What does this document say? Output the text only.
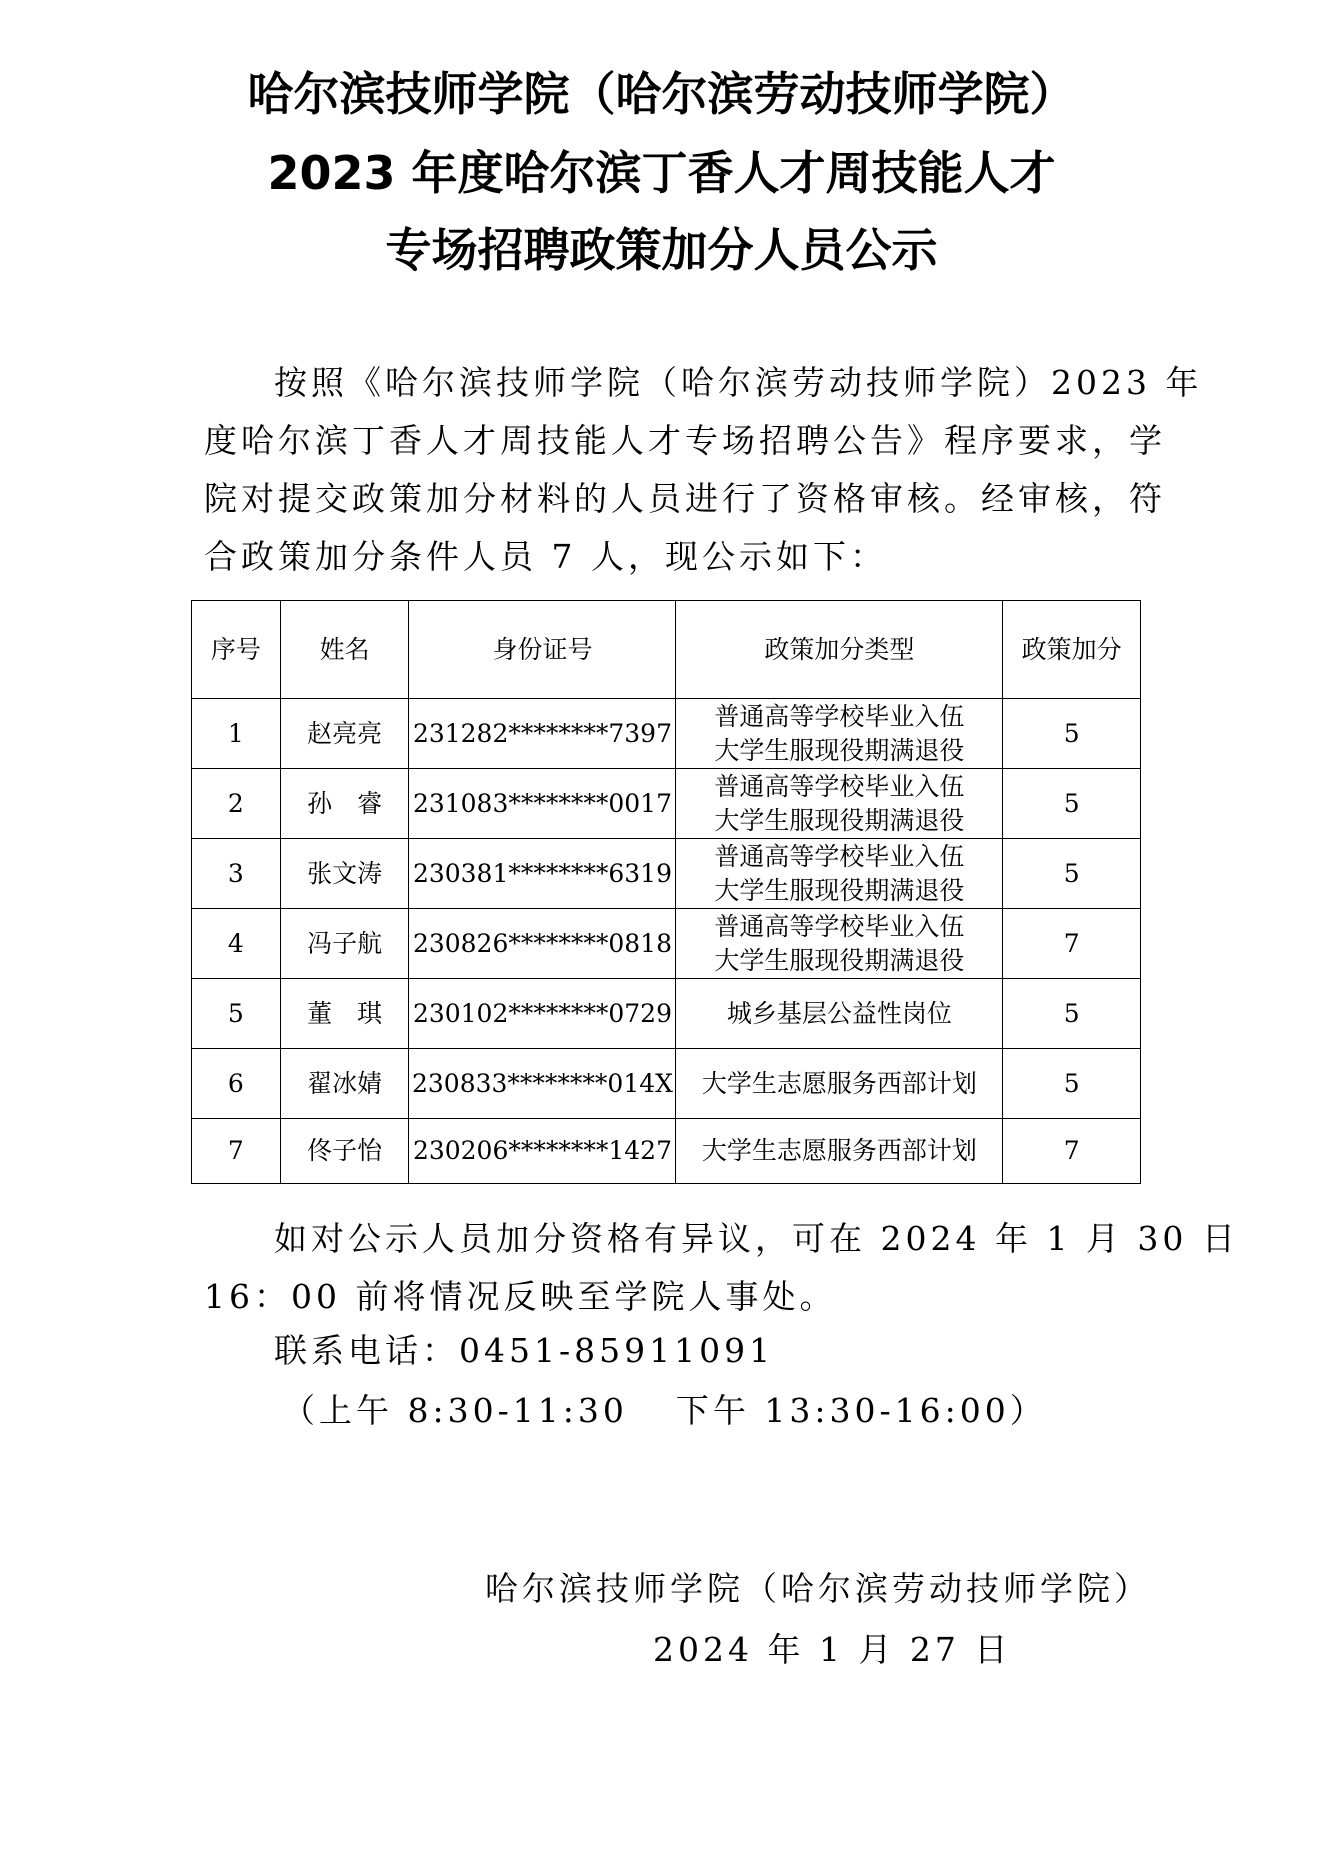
哈尔滨技师学院（哈尔滨劳动技师学院）
2023 年度哈尔滨丁香人才周技能人才
专场招聘政策加分人员公示
按照《哈尔滨技师学院（哈尔滨劳动技师学院）2023 年
度哈尔滨丁香人才周技能人才专场招聘公告》程序要求，学
院对提交政策加分材料的人员进行了资格审核。经审核，符
合政策加分条件人员 7 人，现公示如下：
序号	姓名	身份证号	政策加分类型	政策加分
1	赵亮亮	231282********7397	普通高等学校毕业入伍
大学生服现役期满退役	5
2	孙　睿	231083********0017	普通高等学校毕业入伍
大学生服现役期满退役	5
3	张文涛	230381********6319	普通高等学校毕业入伍
大学生服现役期满退役	5
4	冯子航	230826********0818	普通高等学校毕业入伍
大学生服现役期满退役	7
5	董　琪	230102********0729	城乡基层公益性岗位	5
6	翟冰婧	230833********014X	大学生志愿服务西部计划	5
7	佟子怡	230206********1427	大学生志愿服务西部计划	7
如对公示人员加分资格有异议，可在 2024 年 1 月 30 日
16：00 前将情况反映至学院人事处。
联系电话：0451-85911091
（上午 8:30-11:30 下午 13:30-16:00）
哈尔滨技师学院（哈尔滨劳动技师学院）
2024 年 1 月 27 日
